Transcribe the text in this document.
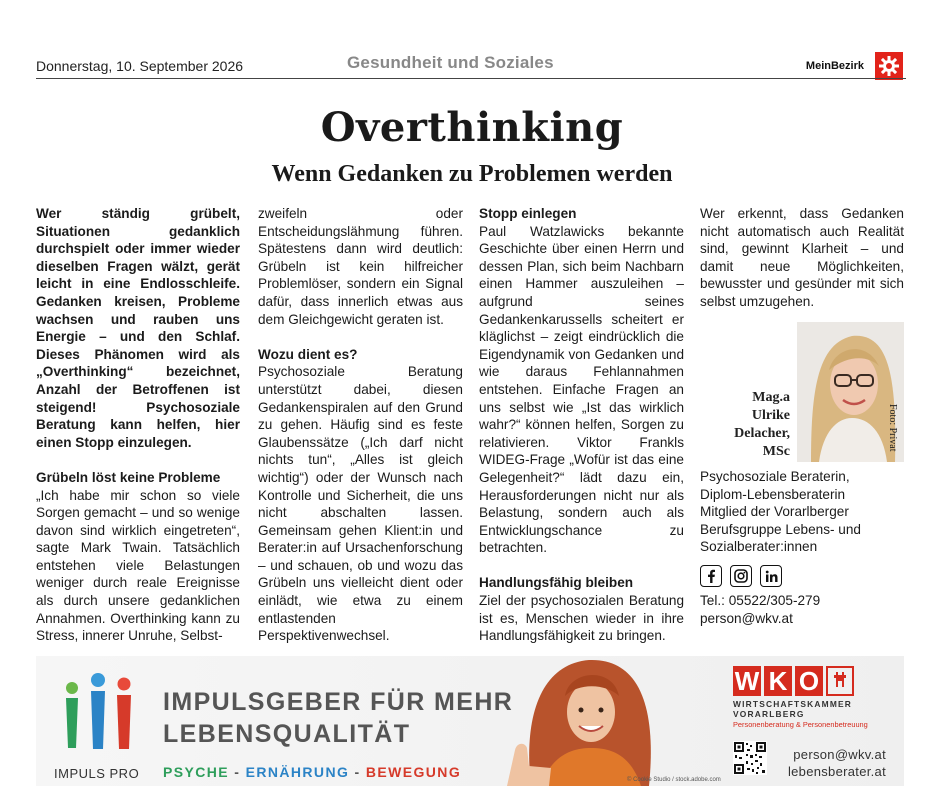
Donnerstag, 10. September 2026	Gesundheit und Soziales	MeinBezirk
Overthinking
Wenn Gedanken zu Problemen werden

Wer ständig grübelt, Situationen gedanklich durchspielt oder immer wieder dieselben Fragen wälzt, gerät leicht in eine Endlosschleife. Gedanken kreisen, Probleme wachsen und rauben uns Energie – und den Schlaf. Dieses Phänomen wird als „Overthinking“ bezeichnet, Anzahl der Betroffenen ist steigend! Psychosoziale Beratung kann helfen, hier einen Stopp einzulegen.

Grübeln löst keine Probleme

„Ich habe mir schon so viele Sorgen gemacht – und so wenige davon sind wirklich eingetreten“, sagte Mark Twain. Tatsächlich entstehen viele Belastungen weniger durch reale Ereignisse als durch unsere gedanklichen Annahmen. Overthinking kann zu Stress, innerer Unruhe, Selbst-

zweifeln oder Entscheidungslähmung führen. Spätestens dann wird deutlich: Grübeln ist kein hilfreicher Problemlöser, sondern ein Signal dafür, dass innerlich etwas aus dem Gleichgewicht geraten ist.

Wozu dient es?

Psychosoziale Beratung unterstützt dabei, diesen Gedankenspiralen auf den Grund zu gehen. Häufig sind es feste Glaubenssätze („Ich darf nicht nichts tun“, „Alles ist gleich wichtig“) oder der Wunsch nach Kontrolle und Sicherheit, die uns nicht abschalten lassen. Gemeinsam gehen Klient:in und Berater:in auf Ursachenforschung – und schauen, ob und wozu das Grübeln uns vielleicht dient oder einlädt, wie etwa zu einem entlastenden Perspektivenwechsel.

Stopp einlegen

Paul Watzlawicks bekannte Geschichte über einen Herrn und dessen Plan, sich beim Nachbarn einen Hammer auszuleihen – aufgrund seines Gedankenkarussells scheitert er kläglichst – zeigt eindrücklich die Eigendynamik von Gedanken und wie daraus Fehlannahmen entstehen. Einfache Fragen an uns selbst wie „Ist das wirklich wahr?“ können helfen, Sorgen zu relativieren. Viktor Frankls WIDEG-Frage „Wofür ist das eine Gelegenheit?“ lädt dazu ein, Herausforderungen nicht nur als Belastung, sondern auch als Entwicklungschance zu betrachten.

Handlungsfähig bleiben

Ziel der psychosozialen Beratung ist es, Menschen wieder in ihre Handlungsfähigkeit zu bringen.

Wer erkennt, dass Gedanken nicht automatisch auch Realität sind, gewinnt Klarheit – und damit neue Möglichkeiten, bewusster und gesünder mit sich selbst umzugehen.

Mag.a
Ulrike
Delacher,
MSc	Foto: Privat
Psychosoziale Beraterin,
Diplom-Lebensberaterin
Mitglied der Vorarlberger
Berufsgruppe Lebens- und
Sozialberater:innen
Tel.: 05522/305-279
person@wkv.at
IMPULS PRO
IMPULSGEBER FÜR MEHR
LEBENSQUALITÄT
PSYCHE - ERNÄHRUNG - BEWEGUNG	© Cookie Studio / stock.adobe.com
W K O
WIRTSCHAFTSKAMMER VORARLBERG
Personenberatung & Personenbetreuung
person@wkv.at
lebensberater.at
